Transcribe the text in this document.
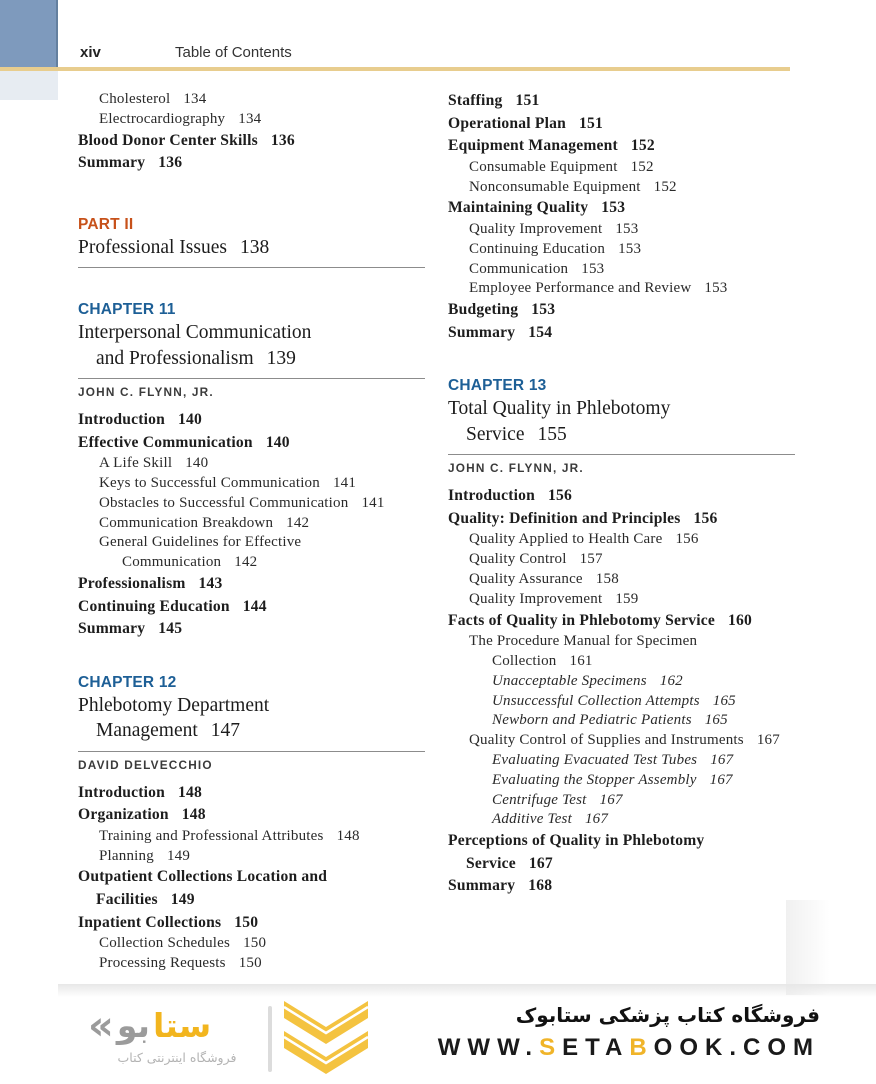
xiv	Table of Contents
Cholesterol 134
Electrocardiography 134
Blood Donor Center Skills 136
Summary 136
PART II
Professional Issues 138
CHAPTER 11
Interpersonal Communication
and Professionalism 139
JOHN C. FLYNN, JR.
Introduction 140
Effective Communication 140
A Life Skill 140
Keys to Successful Communication 141
Obstacles to Successful Communication 141
Communication Breakdown 142
General Guidelines for Effective
Communication 142
Professionalism 143
Continuing Education 144
Summary 145
CHAPTER 12
Phlebotomy Department
Management 147
DAVID DELVECCHIO
Introduction 148
Organization 148
Training and Professional Attributes 148
Planning 149
Outpatient Collections Location and
Facilities 149
Inpatient Collections 150
Collection Schedules 150
Processing Requests 150
Staffing 151
Operational Plan 151
Equipment Management 152
Consumable Equipment 152
Nonconsumable Equipment 152
Maintaining Quality 153
Quality Improvement 153
Continuing Education 153
Communication 153
Employee Performance and Review 153
Budgeting 153
Summary 154
CHAPTER 13
Total Quality in Phlebotomy
Service 155
JOHN C. FLYNN, JR.
Introduction 156
Quality: Definition and Principles 156
Quality Applied to Health Care 156
Quality Control 157
Quality Assurance 158
Quality Improvement 159
Facts of Quality in Phlebotomy Service 160
The Procedure Manual for Specimen
Collection 161
Unacceptable Specimens 162
Unsuccessful Collection Attempts 165
Newborn and Pediatric Patients 165
Quality Control of Supplies and Instruments 167
Evaluating Evacuated Test Tubes 167
Evaluating the Stopper Assembly 167
Centrifuge Test 167
Additive Test 167
Perceptions of Quality in Phlebotomy
Service 167
Summary 168
« بو ستا
فروشگاه اینترنتی کتاب
فروشگاه کتاب پزشکی ستابوک
WWW.SETABOOK.COM
